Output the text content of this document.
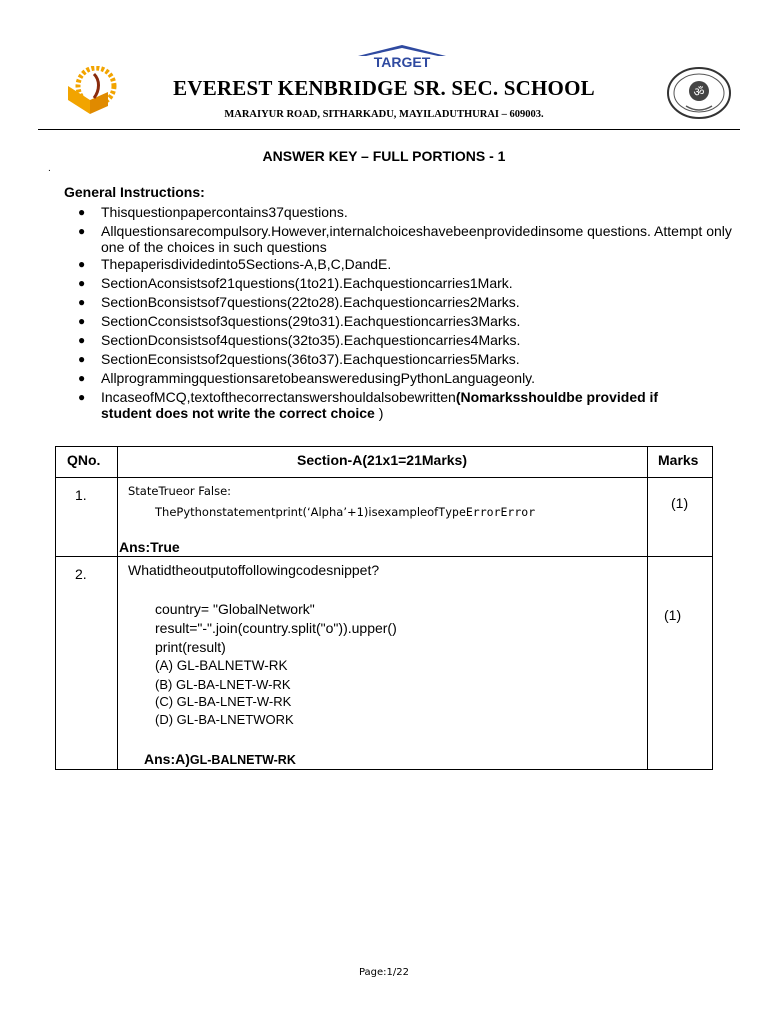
TARGET
ॐ
EVEREST KENBRIDGE SR. SEC. SCHOOL
MARAIYUR ROAD, SITHARKADU, MAYILADUTHURAI – 609003.
ANSWER KEY – FULL PORTIONS - 1
.
General Instructions:
● Thisquestionpapercontains37questions.
● Allquestionsarecompulsory.However,internalchoiceshavebeenprovidedinsome questions. Attempt only one of the choices in such questions
● Thepaperisdividedinto5Sections-A,B,C,DandE.
● SectionAconsistsof21questions(1to21).Eachquestioncarries1Mark.
● SectionBconsistsof7questions(22to28).Eachquestioncarries2Marks.
● SectionCconsistsof3questions(29to31).Eachquestioncarries3Marks.
● SectionDconsistsof4questions(32to35).Eachquestioncarries4Marks.
● SectionEconsistsof2questions(36to37).Eachquestioncarries5Marks.
● AllprogrammingquestionsaretobeansweredusingPythonLanguageonly.
● IncaseofMCQ,textofthecorrectanswershouldalsobewritten(Nomarksshouldbe provided if student does not write the correct choice )
QNo.	Section-A(21x1=21Marks)	Marks
1.	StateTrueor False:
ThePythonstatementprint(‘Alpha’+1)isexampleofTypeErrorError
Ans:True
(1)
2.	Whatidtheoutputoffollowingcodesnippet?
country= "GlobalNetwork"
result="-".join(country.split("o")).upper()
print(result)
(A) GL-BALNETW-RK
(B) GL-BA-LNET-W-RK
(C) GL-BA-LNET-W-RK
(D) GL-BA-LNETWORK
Ans:A)GL-BALNETW-RK
(1)
Page:1/22
